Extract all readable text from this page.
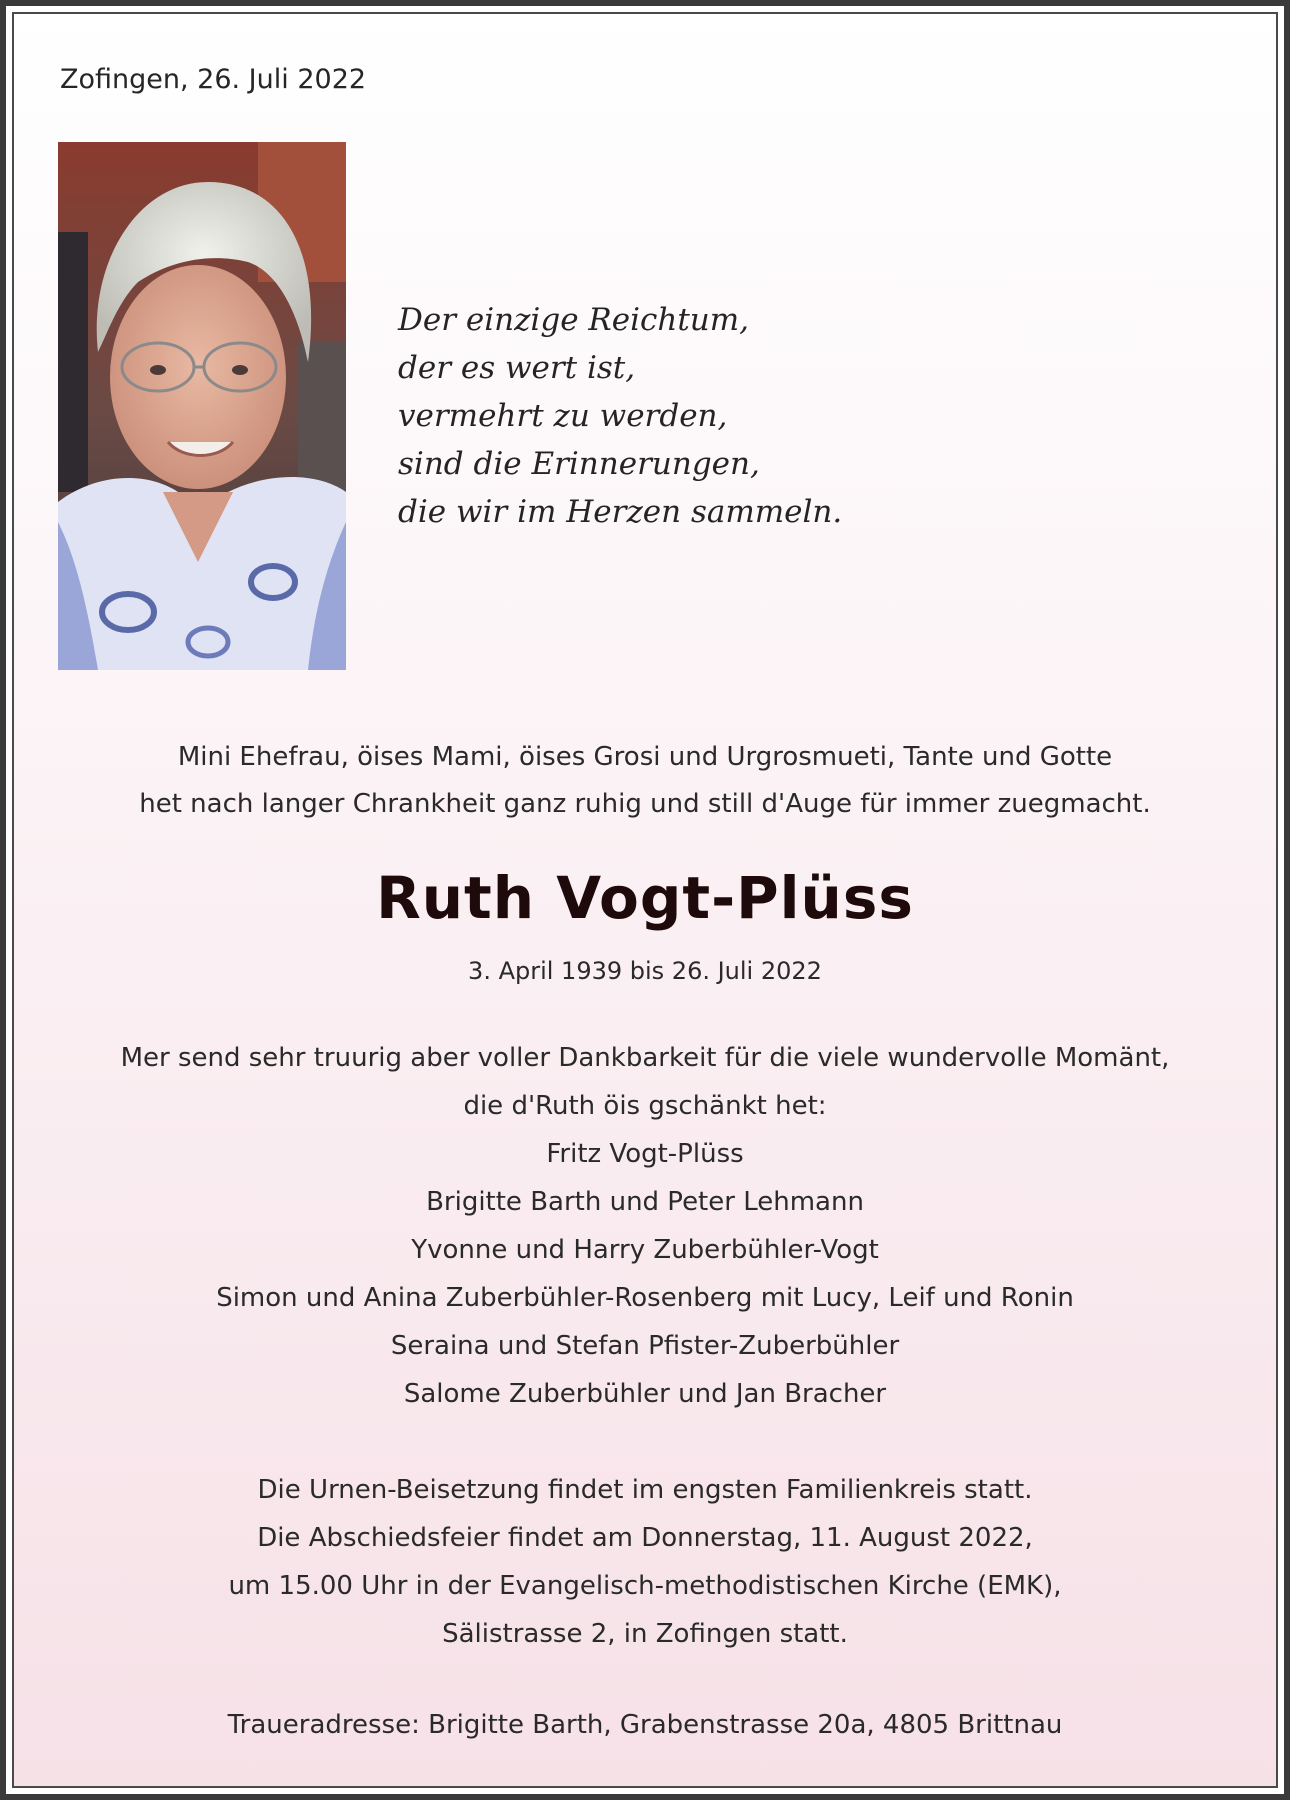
Zofingen, 26. Juli 2022
Der einzige Reichtum,
der es wert ist,
vermehrt zu werden,
sind die Erinnerungen,
die wir im Herzen sammeln.
Mini Ehefrau, öises Mami, öises Grosi und Urgrosmueti, Tante und Gotte
het nach langer Chrankheit ganz ruhig und still d'Auge für immer zuegmacht.
Ruth Vogt-Plüss
3. April 1939 bis 26. Juli 2022
Mer send sehr truurig aber voller Dankbarkeit für die viele wundervolle Momänt,
die d'Ruth öis gschänkt het:
Fritz Vogt-Plüss
Brigitte Barth und Peter Lehmann
Yvonne und Harry Zuberbühler-Vogt
Simon und Anina Zuberbühler-Rosenberg mit Lucy, Leif und Ronin
Seraina und Stefan Pfister-Zuberbühler
Salome Zuberbühler und Jan Bracher
Die Urnen-Beisetzung findet im engsten Familienkreis statt.
Die Abschiedsfeier findet am Donnerstag, 11. August 2022,
um 15.00 Uhr in der Evangelisch-methodistischen Kirche (EMK),
Sälistrasse 2, in Zofingen statt.
Traueradresse: Brigitte Barth, Grabenstrasse 20a, 4805 Brittnau
